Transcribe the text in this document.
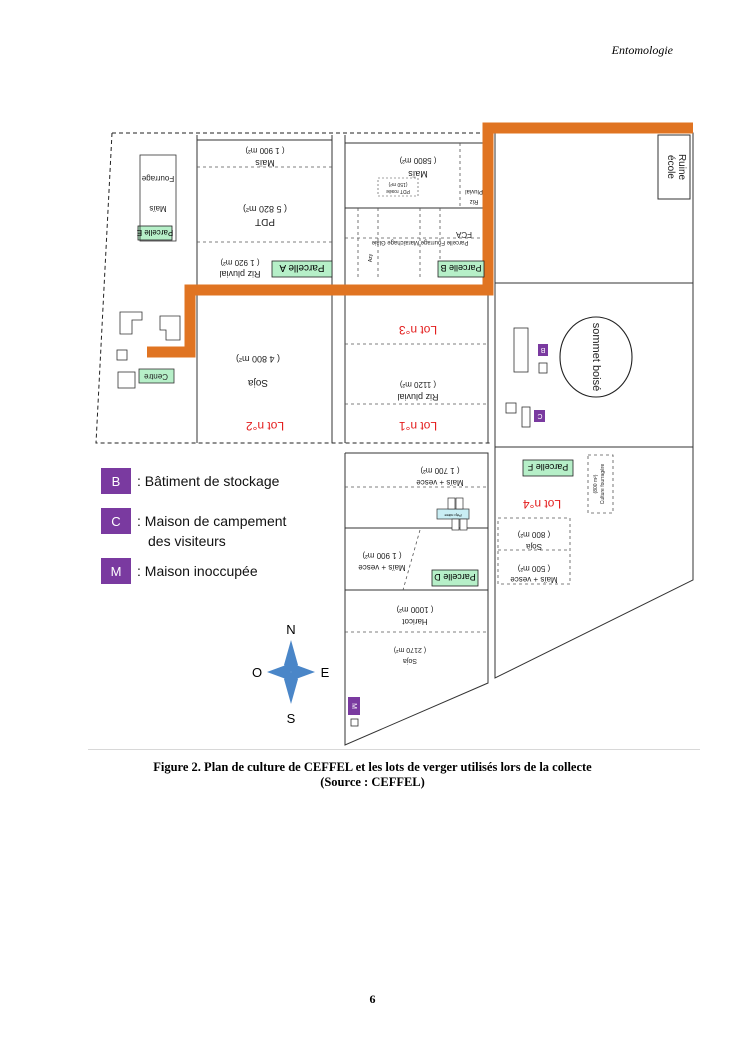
Entomologie
Parcelle A	Parcelle B
Parcelle D
Parcelle E
Parcelle F
Lot n°2
Lot n°3
Lot n°1
Lot n°4
Maïs
( 1 900 m²)
PDT
( 5 820 m²)
Riz pluvial
( 1 920 m²)
Soja
( 4 800 m²)
Fourrage
Maïs
Maïs
( 5800 m²)
PDT rosée
(150 m²)
Riz
Pluvial
FCA
Parcelle Fourrage Maraîchage Glaie
Azy
Riz pluvial
( 1120 m²)
Maïs + vesce
( 1 700 m²)
Maïs + vesce
( 1 900 m²)
Haricot
( 1000 m²)
Soja
( 2170 m²)
Soja
( 800 m²)
Maïs + vesce
( 500 m²)
Culture fourragère
(800 m²)
Ruine
école
Pép nière
Centre
B
C
sommet boisé
M
B : Bâtiment de stockage
C : Maison de campement
des visiteurs
M : Maison inoccupée
N
S
O	E
Figure 2. Plan de culture de CEFFEL et les lots de verger utilisés lors de la collecte
(Source : CEFFEL)
6
